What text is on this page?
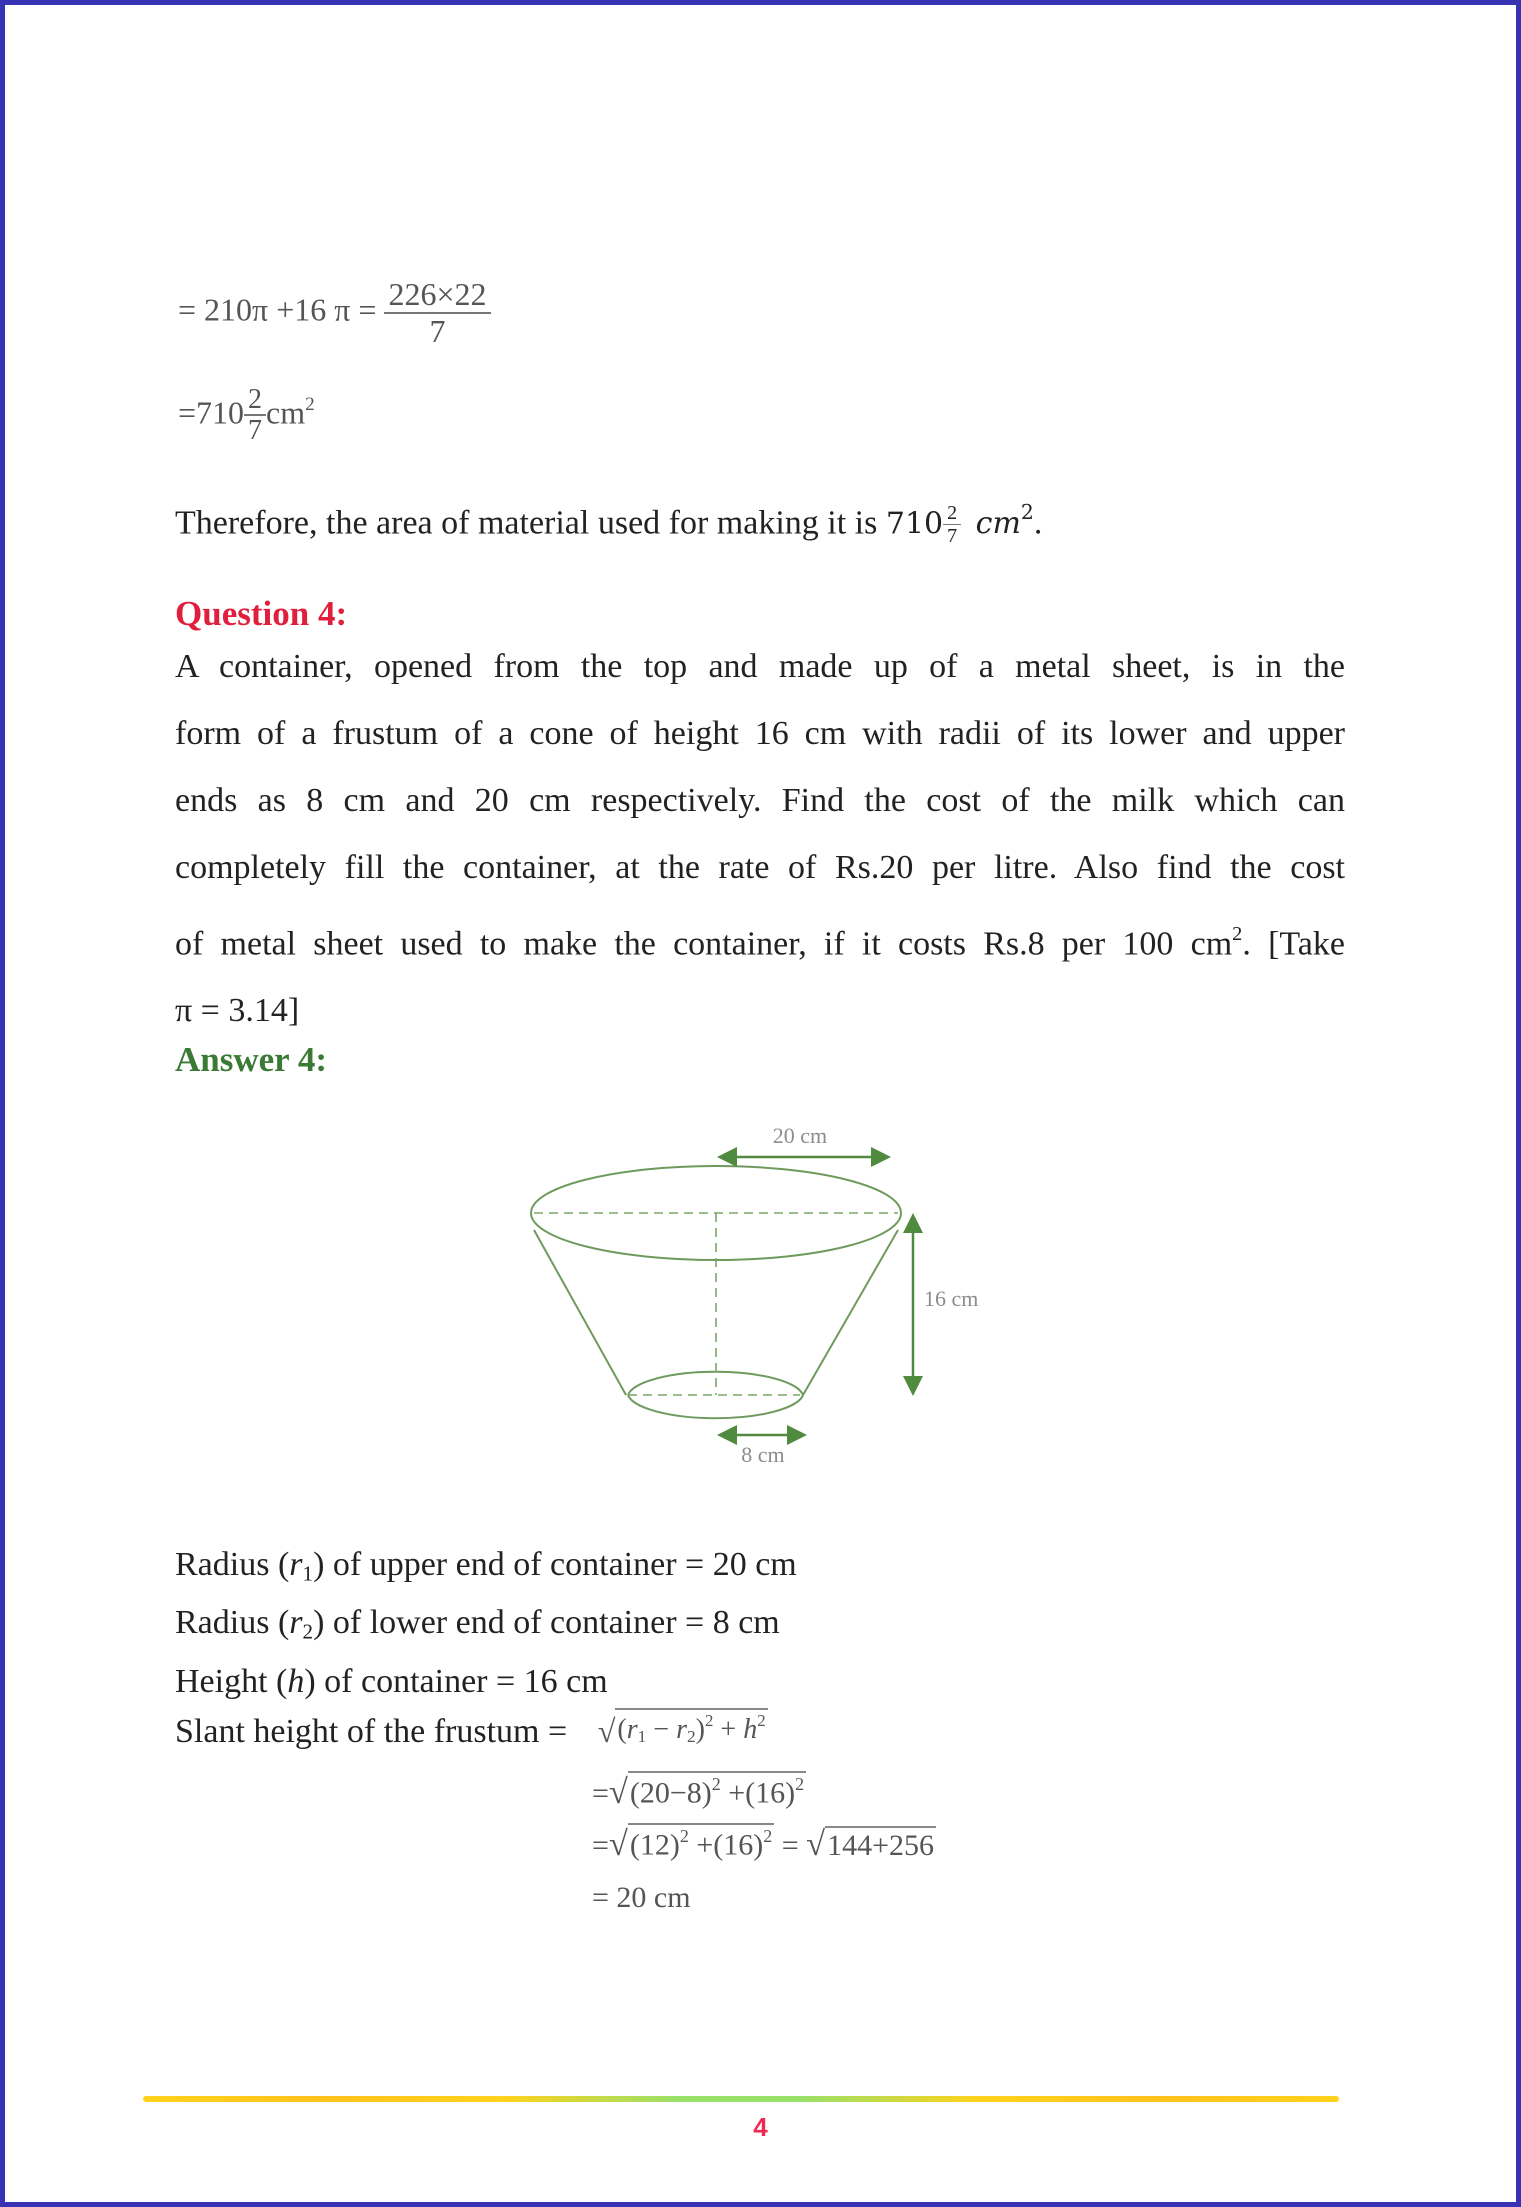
= 210π +16 $\pi = \frac{226\times 22}{7}$
$=710 \frac{2}{7} cm^2$
Therefore, the area of material used for making it is $710 \frac{2}{7} cm^2$.
Question 4:
A container, opened from the top and made up of a metal sheet, is in the
form of a frustum of a cone of height 16 cm with radii of its lower and upper
ends as 8 cm and 20 cm respectively. Find the cost of the milk which can
completely fill the container, at the rate of Rs.20 per litre. Also find the cost
of metal sheet used to make the container, if it costs Rs.8 per 100 $cm^2$. [Take
π = 3.14]
Answer 4:
20 cm
16 cm
8 cm
Radius $(r_1)$ of upper end of container = 20 cm
Radius $(r_2)$ of lower end of container = 8 cm
Height (h) of container = 16 cm
Slant height of the frustum = √ $(r_1 - r_2)^2 + h^2$
= √ $(20-8)^2 +(16)^2$
= √ $(12)^2 +(16)^2$ = √ 144+256
= 20 cm
4
